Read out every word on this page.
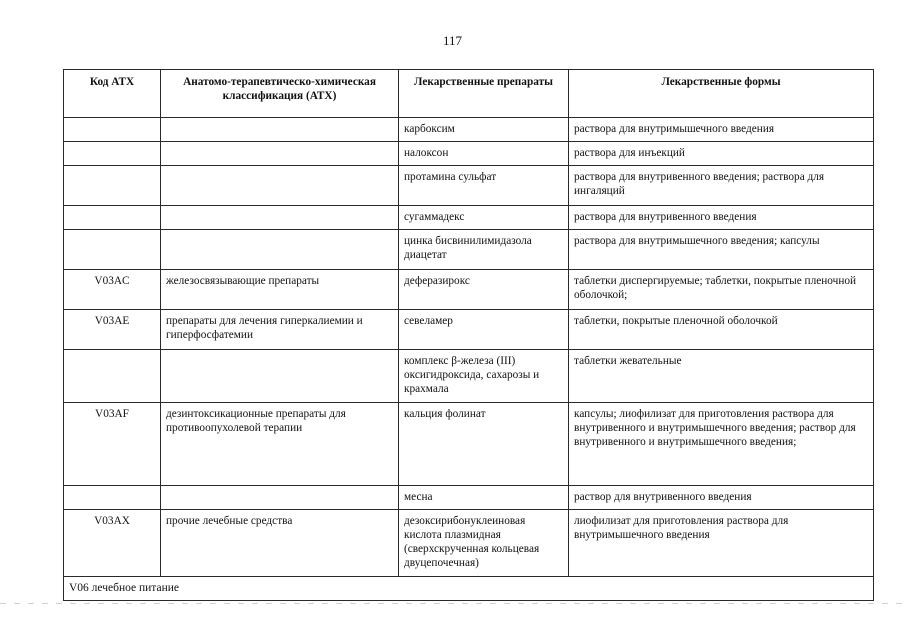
117
Код АТХ	Анатомо-терапевтическо-химическая классификация (АТХ)	Лекарственные препараты	Лекарственные формы
		карбоксим	раствора для внутримышечного введения
		налоксон	раствора для инъекций
		протамина сульфат	раствора для внутривенного введения; раствора для ингаляций
		сугаммадекс	раствора для внутривенного введения
		цинка бисвинилимидазола диацетат	раствора для внутримышечного введения; капсулы
V03AC	железосвязывающие препараты	деферазирокс	таблетки диспергируемые; таблетки, покрытые пленочной оболочкой;
V03AE	препараты для лечения гиперкалиемии и гиперфосфатемии	севеламер	таблетки, покрытые пленочной оболочкой
		комплекс β-железа (III) оксигидроксида, сахарозы и крахмала	таблетки жевательные
V03AF	дезинтоксикационные препараты для противоопухолевой терапии	кальция фолинат	капсулы; лиофилизат для приготовления раствора для внутривенного и внутримышечного введения; раствор для внутривенного и внутримышечного введения;
		месна	раствор для внутривенного введения
V03AX	прочие лечебные средства	дезоксирибонуклеиновая кислота плазмидная (сверхскрученная кольцевая двуцепочечная)	лиофилизат для приготовления раствора для внутримышечного введения
V06 лечебное питание			
